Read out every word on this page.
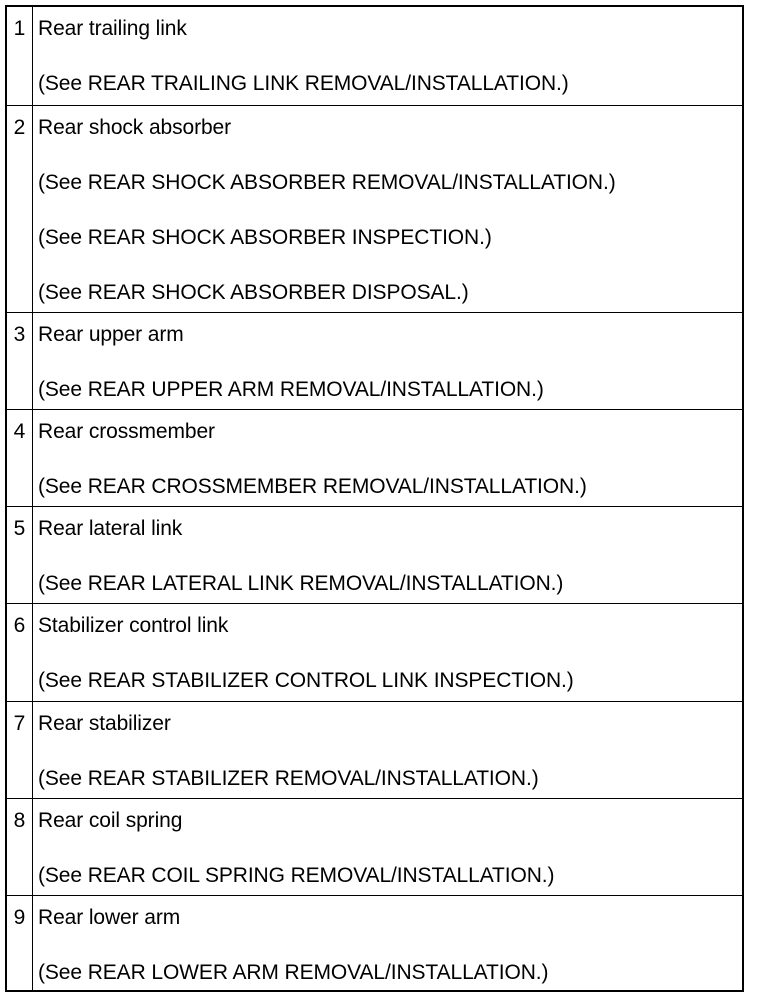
1 Rear trailing link
(See REAR TRAILING LINK REMOVAL/INSTALLATION.)
2 Rear shock absorber
(See REAR SHOCK ABSORBER REMOVAL/INSTALLATION.)
(See REAR SHOCK ABSORBER INSPECTION.)
(See REAR SHOCK ABSORBER DISPOSAL.)
3 Rear upper arm
(See REAR UPPER ARM REMOVAL/INSTALLATION.)
4 Rear crossmember
(See REAR CROSSMEMBER REMOVAL/INSTALLATION.)
5 Rear lateral link
(See REAR LATERAL LINK REMOVAL/INSTALLATION.)
6 Stabilizer control link
(See REAR STABILIZER CONTROL LINK INSPECTION.)
7 Rear stabilizer
(See REAR STABILIZER REMOVAL/INSTALLATION.)
8 Rear coil spring
(See REAR COIL SPRING REMOVAL/INSTALLATION.)
9 Rear lower arm
(See REAR LOWER ARM REMOVAL/INSTALLATION.)
